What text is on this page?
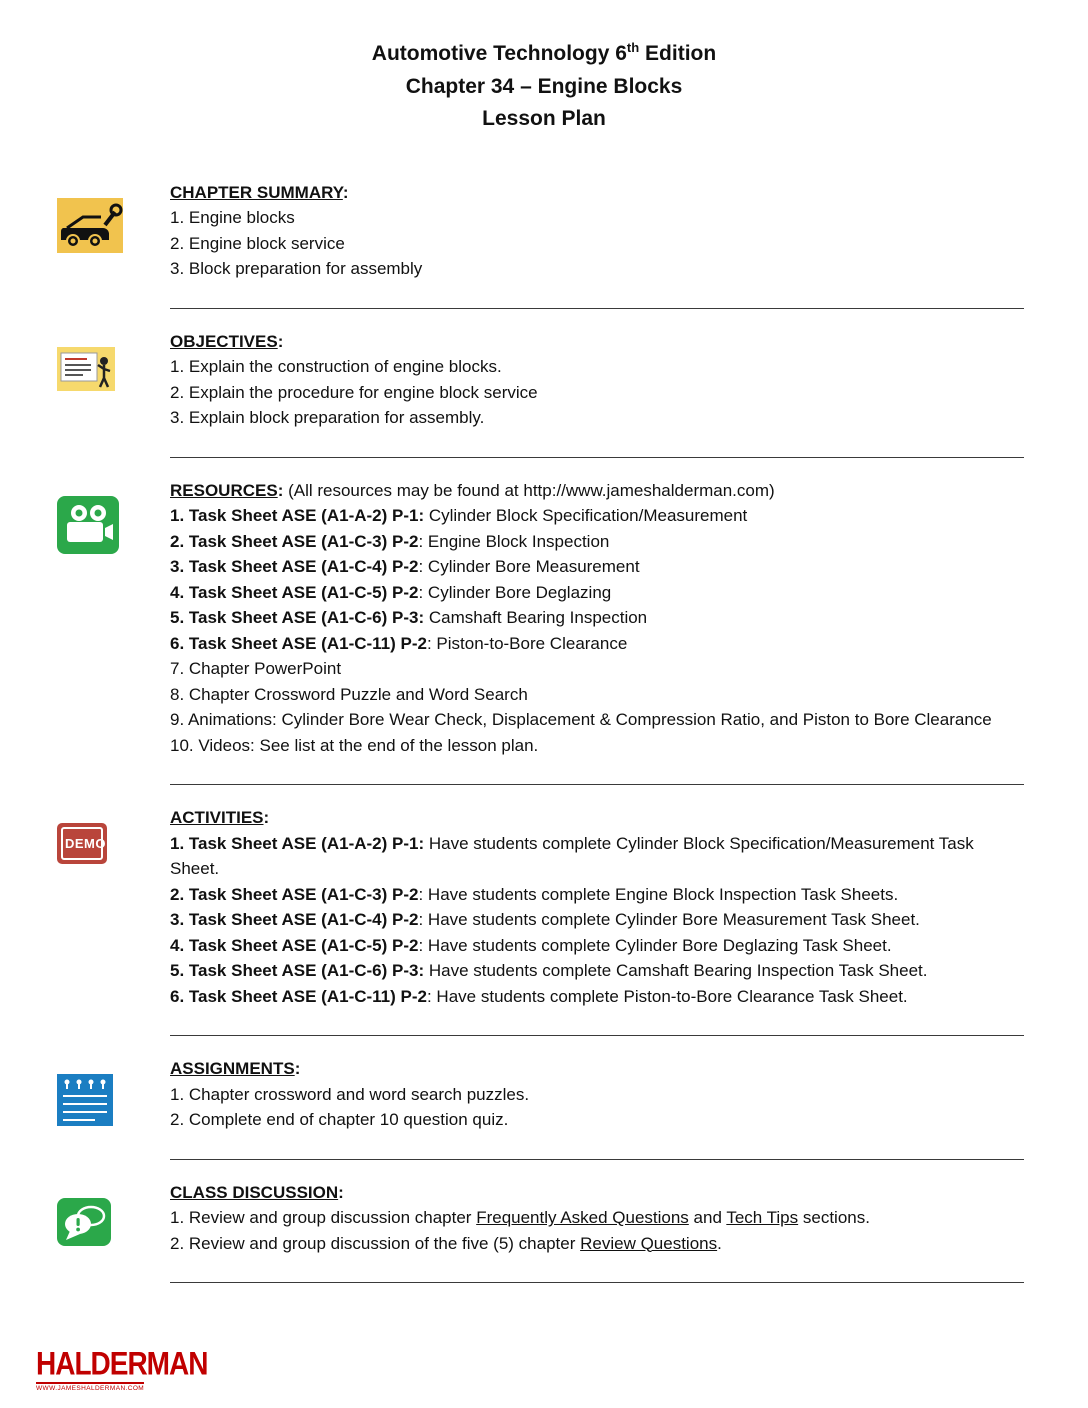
Automotive Technology 6th Edition
Chapter 34 – Engine Blocks
Lesson Plan

CHAPTER SUMMARY:

1. Engine blocks
2. Engine block service
3. Block preparation for assembly

OBJECTIVES:

1. Explain the construction of engine blocks.
2. Explain the procedure for engine block service
3. Explain block preparation for assembly.

RESOURCES: (All resources may be found at http://www.jameshalderman.com)

1. Task Sheet ASE (A1-A-2) P-1: Cylinder Block Specification/Measurement
2. Task Sheet ASE (A1-C-3) P-2: Engine Block Inspection
3. Task Sheet ASE (A1-C-4) P-2: Cylinder Bore Measurement
4. Task Sheet ASE (A1-C-5) P-2: Cylinder Bore Deglazing
5. Task Sheet ASE (A1-C-6) P-3: Camshaft Bearing Inspection
6. Task Sheet ASE (A1-C-11) P-2: Piston-to-Bore Clearance
7. Chapter PowerPoint
8. Chapter Crossword Puzzle and Word Search
9. Animations: Cylinder Bore Wear Check, Displacement & Compression Ratio, and Piston to Bore Clearance
10. Videos: See list at the end of the lesson plan.
DEMO

ACTIVITIES:

1. Task Sheet ASE (A1-A-2) P-1: Have students complete Cylinder Block Specification/Measurement Task Sheet.
2. Task Sheet ASE (A1-C-3) P-2: Have students complete Engine Block Inspection Task Sheets.
3. Task Sheet ASE (A1-C-4) P-2: Have students complete Cylinder Bore Measurement Task Sheet.
4. Task Sheet ASE (A1-C-5) P-2: Have students complete Cylinder Bore Deglazing Task Sheet.
5. Task Sheet ASE (A1-C-6) P-3: Have students complete Camshaft Bearing Inspection Task Sheet.
6. Task Sheet ASE (A1-C-11) P-2: Have students complete Piston-to-Bore Clearance Task Sheet.

ASSIGNMENTS:

1. Chapter crossword and word search puzzles.
2. Complete end of chapter 10 question quiz.

CLASS DISCUSSION:

1. Review and group discussion chapter Frequently Asked Questions and Tech Tips sections.
2. Review and group discussion of the five (5) chapter Review Questions.
HALDERMAN
WWW.JAMESHALDERMAN.COM
